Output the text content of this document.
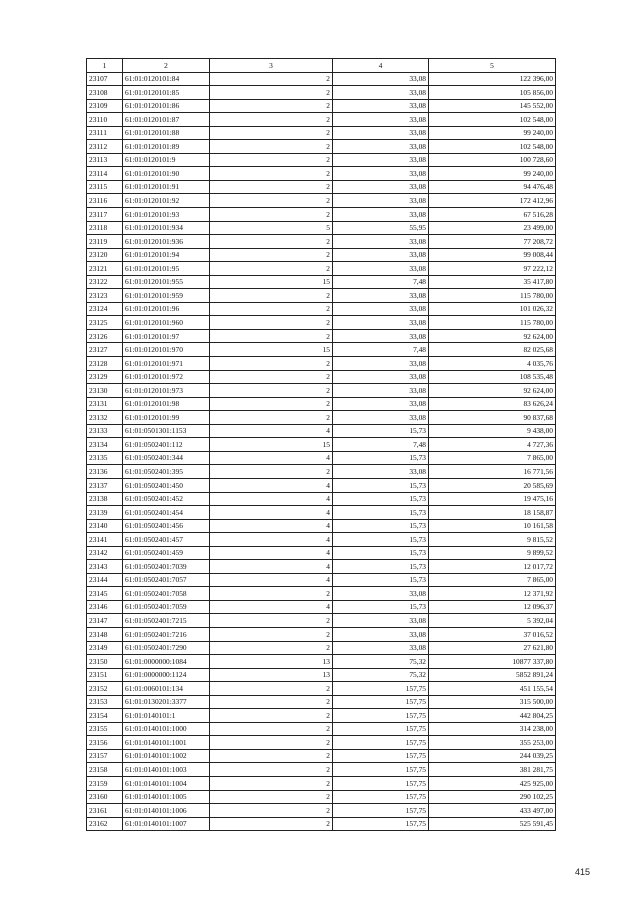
1	2	3	4	5
23107	61:01:0120101:84	2	33,08	122 396,00
23108	61:01:0120101:85	2	33,08	105 856,00
23109	61:01:0120101:86	2	33,08	145 552,00
23110	61:01:0120101:87	2	33,08	102 548,00
23111	61:01:0120101:88	2	33,08	99 240,00
23112	61:01:0120101:89	2	33,08	102 548,00
23113	61:01:0120101:9	2	33,08	100 728,60
23114	61:01:0120101:90	2	33,08	99 240,00
23115	61:01:0120101:91	2	33,08	94 476,48
23116	61:01:0120101:92	2	33,08	172 412,96
23117	61:01:0120101:93	2	33,08	67 516,28
23118	61:01:0120101:934	5	55,95	23 499,00
23119	61:01:0120101:936	2	33,08	77 208,72
23120	61:01:0120101:94	2	33,08	99 008,44
23121	61:01:0120101:95	2	33,08	97 222,12
23122	61:01:0120101:955	15	7,48	35 417,80
23123	61:01:0120101:959	2	33,08	115 780,00
23124	61:01:0120101:96	2	33,08	101 026,32
23125	61:01:0120101:960	2	33,08	115 780,00
23126	61:01:0120101:97	2	33,08	92 624,00
23127	61:01:0120101:970	15	7,48	82 025,68
23128	61:01:0120101:971	2	33,08	4 035,76
23129	61:01:0120101:972	2	33,08	108 535,48
23130	61:01:0120101:973	2	33,08	92 624,00
23131	61:01:0120101:98	2	33,08	83 626,24
23132	61:01:0120101:99	2	33,08	90 837,68
23133	61:01:0501301:1153	4	15,73	9 438,00
23134	61:01:0502401:112	15	7,48	4 727,36
23135	61:01:0502401:344	4	15,73	7 865,00
23136	61:01:0502401:395	2	33,08	16 771,56
23137	61:01:0502401:450	4	15,73	20 585,69
23138	61:01:0502401:452	4	15,73	19 475,16
23139	61:01:0502401:454	4	15,73	18 158,87
23140	61:01:0502401:456	4	15,73	10 161,58
23141	61:01:0502401:457	4	15,73	9 815,52
23142	61:01:0502401:459	4	15,73	9 899,52
23143	61:01:0502401:7039	4	15,73	12 017,72
23144	61:01:0502401:7057	4	15,73	7 865,00
23145	61:01:0502401:7058	2	33,08	12 371,92
23146	61:01:0502401:7059	4	15,73	12 096,37
23147	61:01:0502401:7215	2	33,08	5 392,04
23148	61:01:0502401:7216	2	33,08	37 016,52
23149	61:01:0502401:7290	2	33,08	27 621,80
23150	61:01:0000000:1084	13	75,32	10877 337,80
23151	61:01:0000000:1124	13	75,32	5852 891,24
23152	61:01:0060101:134	2	157,75	451 155,54
23153	61:01:0130201:3377	2	157,75	315 500,00
23154	61:01:0140101:1	2	157,75	442 804,25
23155	61:01:0140101:1000	2	157,75	314 238,00
23156	61:01:0140101:1001	2	157,75	355 253,00
23157	61:01:0140101:1002	2	157,75	244 039,25
23158	61:01:0140101:1003	2	157,75	381 281,75
23159	61:01:0140101:1004	2	157,75	425 925,00
23160	61:01:0140101:1005	2	157,75	290 102,25
23161	61:01:0140101:1006	2	157,75	433 497,00
23162	61:01:0140101:1007	2	157,75	525 591,45
415
